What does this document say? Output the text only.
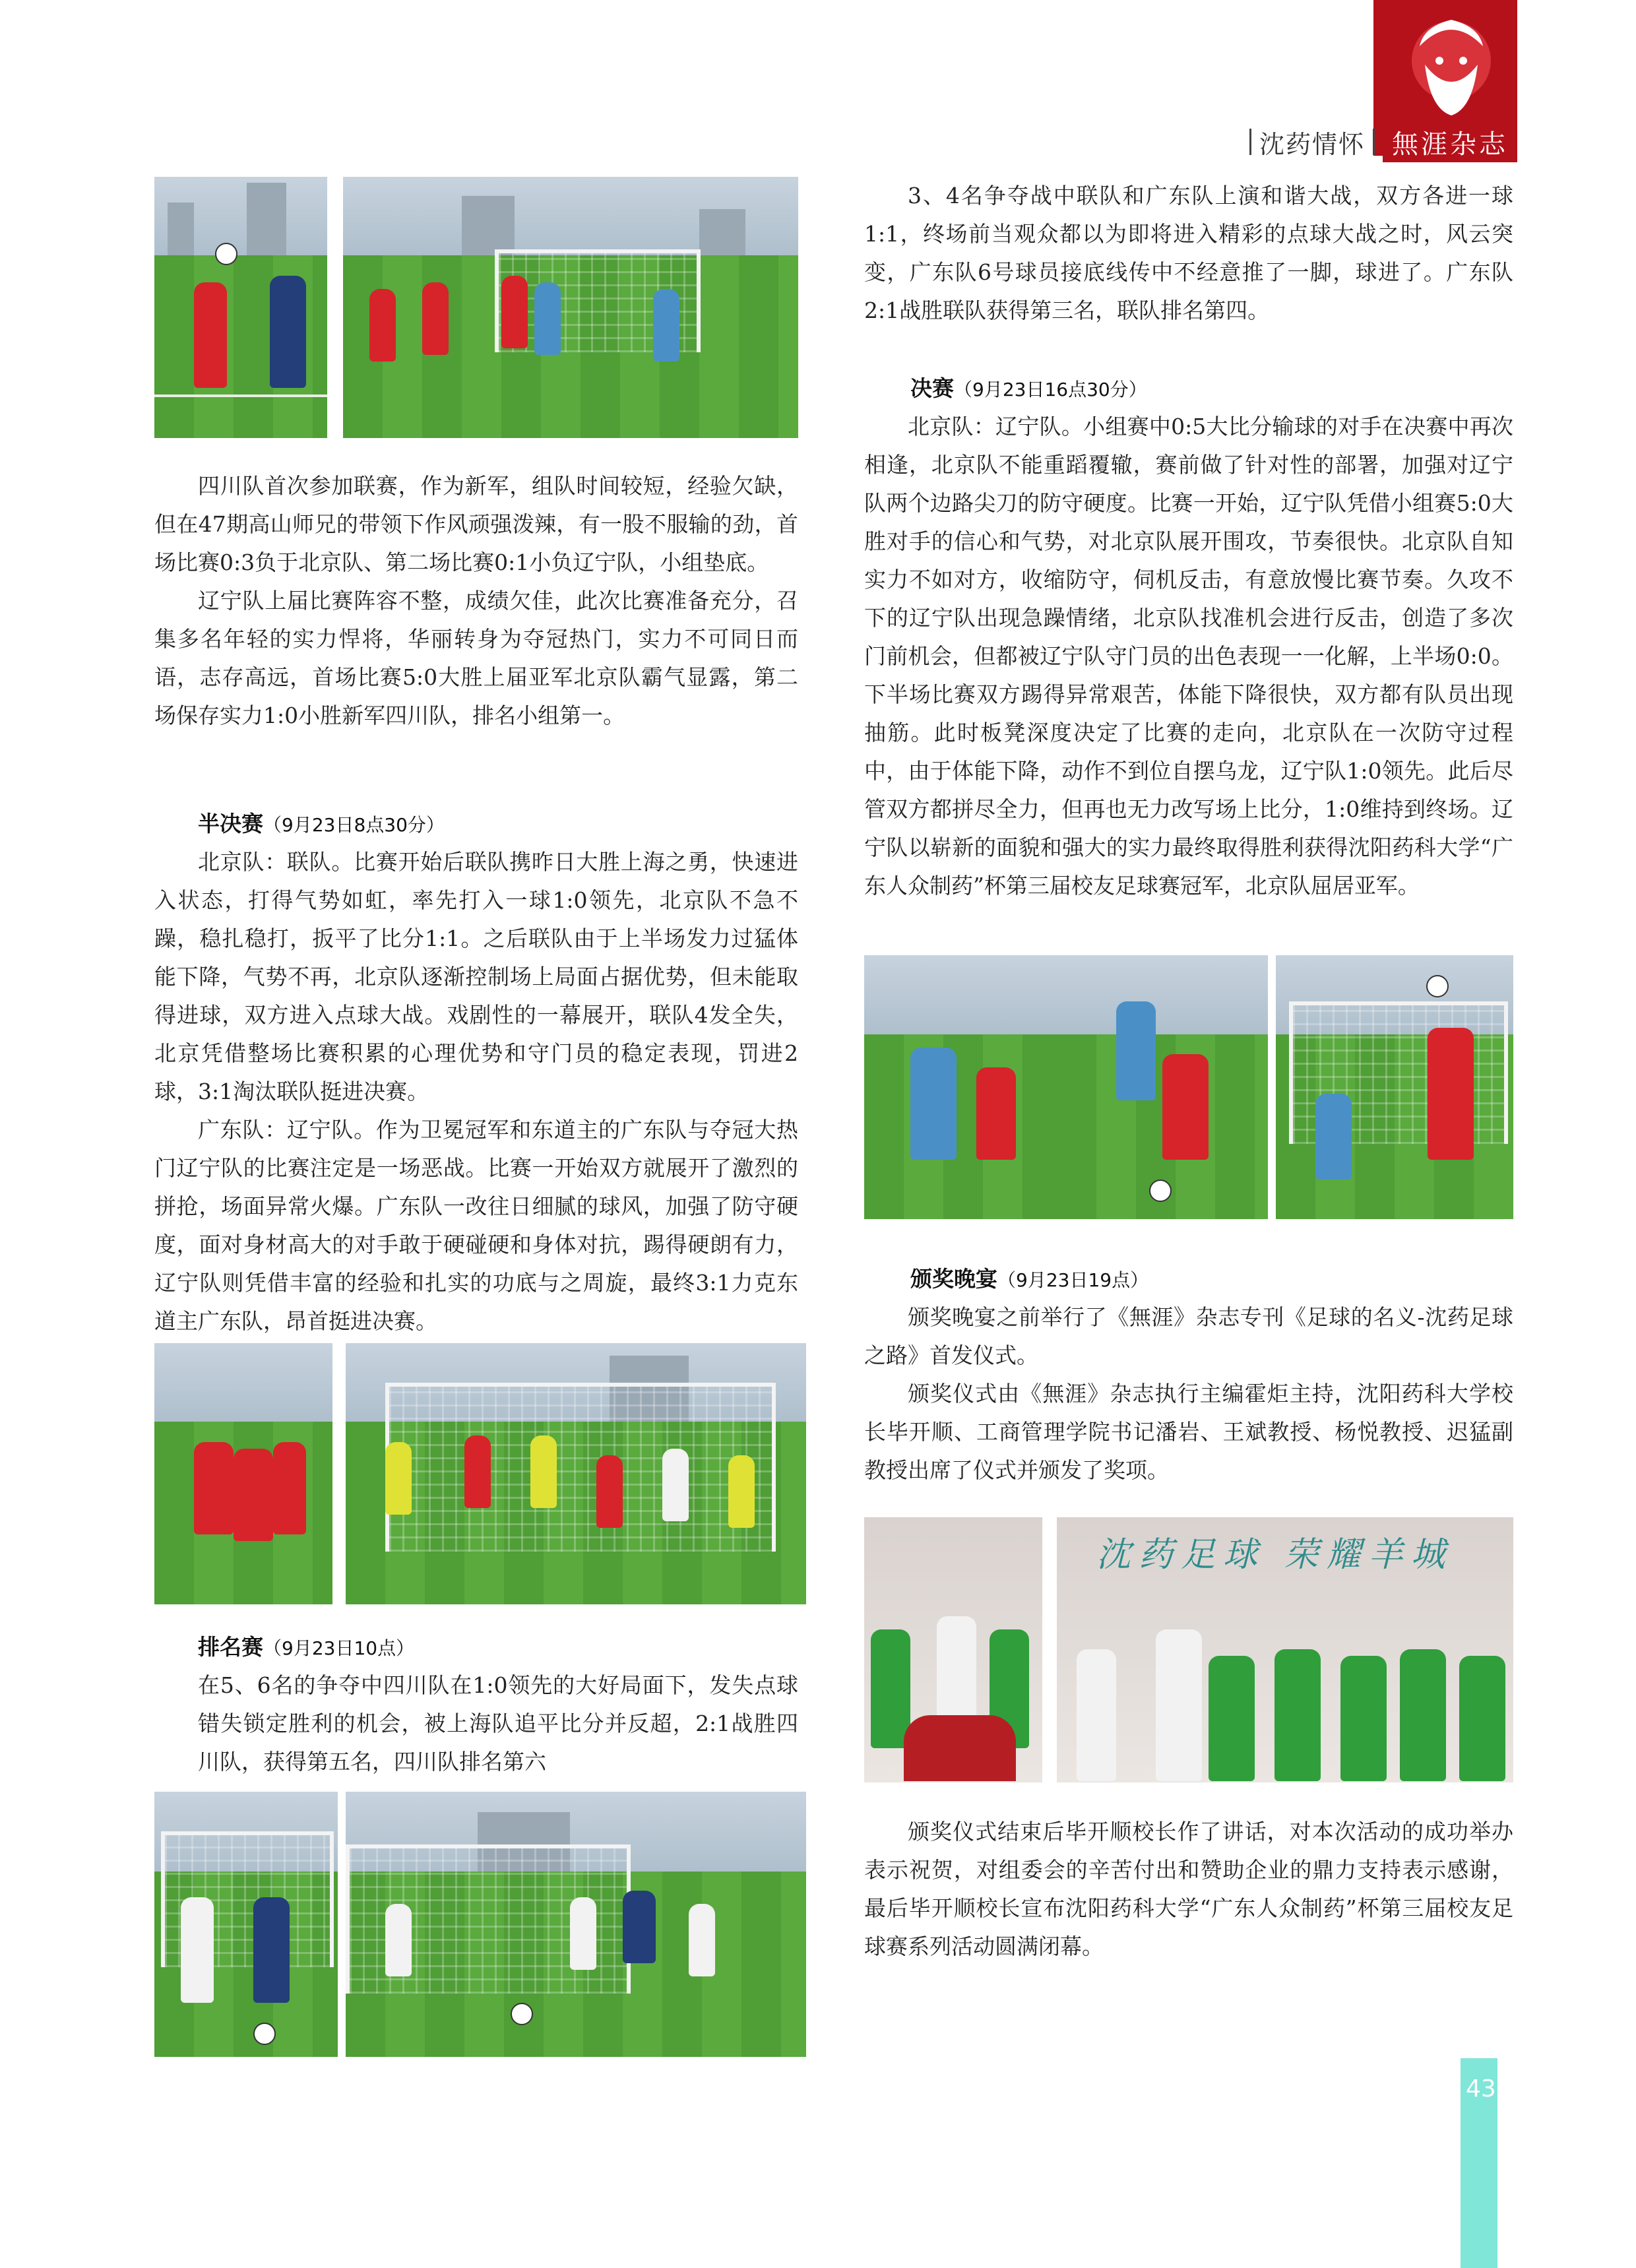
沈药情怀	無涯杂志

四川队首次参加联赛，作为新军，组队时间较短，经验欠缺，但在47期高山师兄的带领下作风顽强泼辣，有一股不服输的劲，首场比赛0:3负于北京队、第二场比赛0:1小负辽宁队，小组垫底。

辽宁队上届比赛阵容不整，成绩欠佳，此次比赛准备充分，召集多名年轻的实力悍将，华丽转身为夺冠热门，实力不可同日而语，志存高远，首场比赛5:0大胜上届亚军北京队霸气显露，第二场保存实力1:0小胜新军四川队，排名小组第一。

半决赛（9月23日8点30分）

北京队：联队。比赛开始后联队携昨日大胜上海之勇，快速进入状态，打得气势如虹，率先打入一球1:0领先，北京队不急不躁，稳扎稳打，扳平了比分1:1。之后联队由于上半场发力过猛体能下降，气势不再，北京队逐渐控制场上局面占据优势，但未能取得进球，双方进入点球大战。戏剧性的一幕展开，联队4发全失，北京凭借整场比赛积累的心理优势和守门员的稳定表现，罚进2球，3:1淘汰联队挺进决赛。

广东队：辽宁队。作为卫冕冠军和东道主的广东队与夺冠大热门辽宁队的比赛注定是一场恶战。比赛一开始双方就展开了激烈的拼抢，场面异常火爆。广东队一改往日细腻的球风，加强了防守硬度，面对身材高大的对手敢于硬碰硬和身体对抗，踢得硬朗有力，辽宁队则凭借丰富的经验和扎实的功底与之周旋，最终3:1力克东道主广东队，昂首挺进决赛。

排名赛（9月23日10点）

在5、6名的争夺中四川队在1:0领先的大好局面下，发失点球错失锁定胜利的机会，被上海队追平比分并反超，2:1战胜四川队，获得第五名，四川队排名第六

3、4名争夺战中联队和广东队上演和谐大战，双方各进一球1:1，终场前当观众都以为即将进入精彩的点球大战之时，风云突变，广东队6号球员接底线传中不经意推了一脚，球进了。广东队2:1战胜联队获得第三名，联队排名第四。

决赛（9月23日16点30分）

北京队：辽宁队。小组赛中0:5大比分输球的对手在决赛中再次相逢，北京队不能重蹈覆辙，赛前做了针对性的部署，加强对辽宁队两个边路尖刀的防守硬度。比赛一开始，辽宁队凭借小组赛5:0大胜对手的信心和气势，对北京队展开围攻，节奏很快。北京队自知实力不如对方，收缩防守，伺机反击，有意放慢比赛节奏。久攻不下的辽宁队出现急躁情绪，北京队找准机会进行反击，创造了多次门前机会，但都被辽宁队守门员的出色表现一一化解，上半场0:0。下半场比赛双方踢得异常艰苦，体能下降很快，双方都有队员出现抽筋。此时板凳深度决定了比赛的走向，北京队在一次防守过程中，由于体能下降，动作不到位自摆乌龙，辽宁队1:0领先。此后尽管双方都拼尽全力，但再也无力改写场上比分，1:0维持到终场。辽宁队以崭新的面貌和强大的实力最终取得胜利获得沈阳药科大学“广东人众制药”杯第三届校友足球赛冠军，北京队屈居亚军。

颁奖晚宴（9月23日19点）

颁奖晚宴之前举行了《無涯》杂志专刊《足球的名义-沈药足球之路》首发仪式。

颁奖仪式由《無涯》杂志执行主编霍炬主持，沈阳药科大学校长毕开顺、工商管理学院书记潘岩、王斌教授、杨悦教授、迟猛副教授出席了仪式并颁发了奖项。

沈药足球 荣耀羊城

颁奖仪式结束后毕开顺校长作了讲话，对本次活动的成功举办表示祝贺，对组委会的辛苦付出和赞助企业的鼎力支持表示感谢，最后毕开顺校长宣布沈阳药科大学“广东人众制药”杯第三届校友足球赛系列活动圆满闭幕。

43
